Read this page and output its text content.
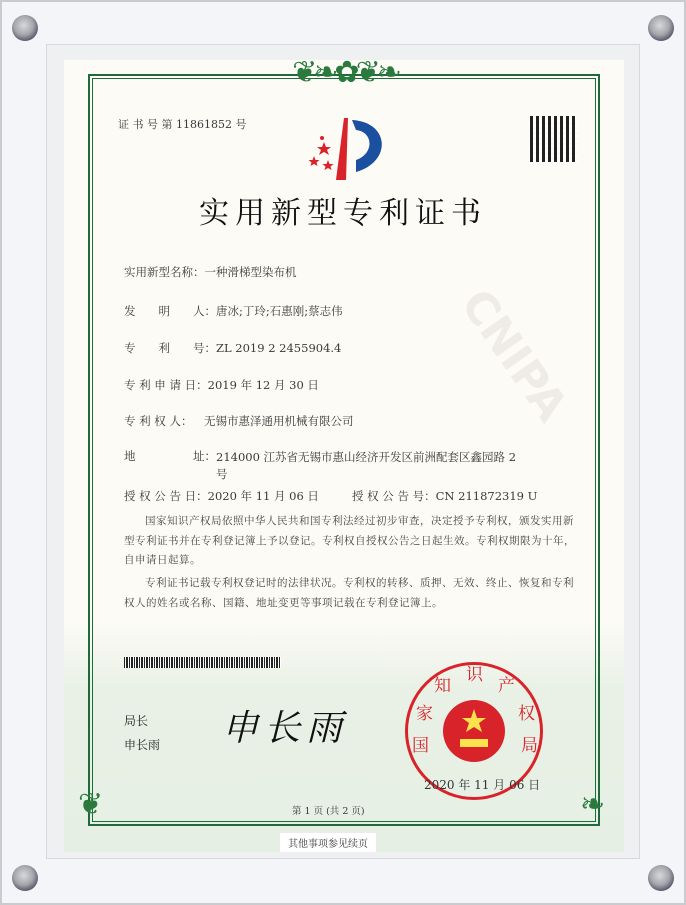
❦❧✿❦❧
❦	❧
CNIPA
证 书 号 第 11861852 号
实用新型专利证书
实用新型名称： 一种滑梯型染布机
发　　明　　人： 唐冰;丁玲;石惠刚;蔡志伟
专　　利　　号： ZL 2019 2 2455904.4
专 利 申 请 日： 2019 年 12 月 30 日
专 利 权 人：	无锡市惠泽通用机械有限公司
地　　　　　址： 214000 江苏省无锡市惠山经济开发区前洲配套区鑫园路 2
号
授 权 公 告 日： 2020 年 11 月 06 日	授 权 公 告 号： CN 211872319 U
国家知识产权局依照中华人民共和国专利法经过初步审查，决定授予专利权，颁发实用新型专利证书并在专利登记簿上予以登记。专利权自授权公告之日起生效。专利权期限为十年，自申请日起算。
专利证书记载专利权登记时的法律状况。专利权的转移、质押、无效、终止、恢复和专利权人的姓名或名称、国籍、地址变更等事项记载在专利登记簿上。
局长
申长雨 申长雨	国
家
知
识
产
权
局
2020 年 11 月 06 日
第 1 页 (共 2 页)
其他事项参见续页
